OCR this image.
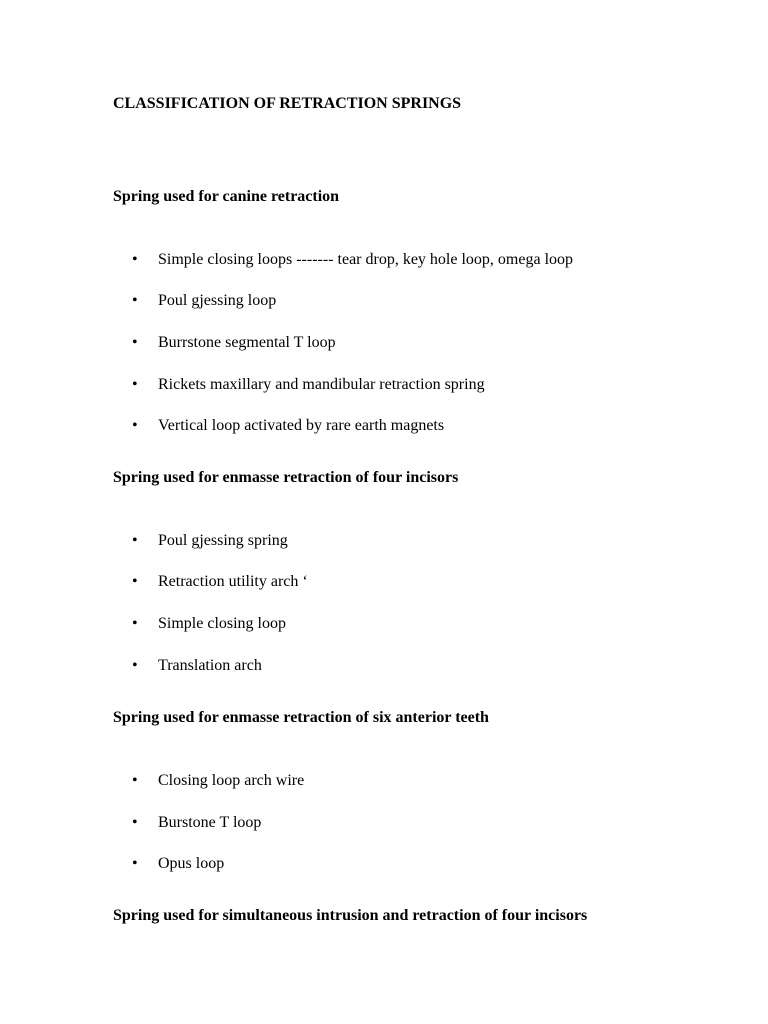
CLASSIFICATION OF RETRACTION SPRINGS
Spring used for canine retraction
• Simple closing loops ------- tear drop, key hole loop, omega loop
• Poul gjessing loop
• Burrstone segmental T loop
• Rickets maxillary and mandibular retraction spring
• Vertical loop activated by rare earth magnets
Spring used for enmasse retraction of four incisors
• Poul gjessing spring
• Retraction utility arch ‘
• Simple closing loop
• Translation arch
Spring used for enmasse retraction of six anterior teeth
• Closing loop arch wire
• Burstone T loop
• Opus loop
Spring used for simultaneous intrusion and retraction of four incisors
